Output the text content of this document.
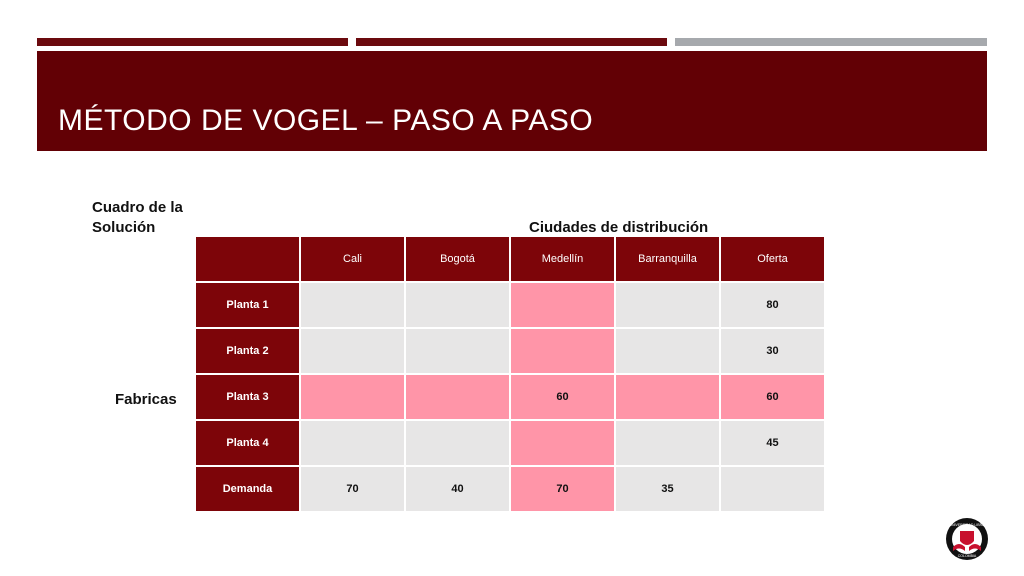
MÉTODO DE VOGEL – PASO A PASO
Cuadro de la
Solución	Ciudades de distribución
Fabricas
	Cali	Bogotá	Medellín	Barranquilla	Oferta
Planta 1					80
Planta 2					30
Planta 3			60		60
Planta 4					45
Demanda	70	40	70	35	
UNIVERSIDAD LIBRE
COLOMBIA
